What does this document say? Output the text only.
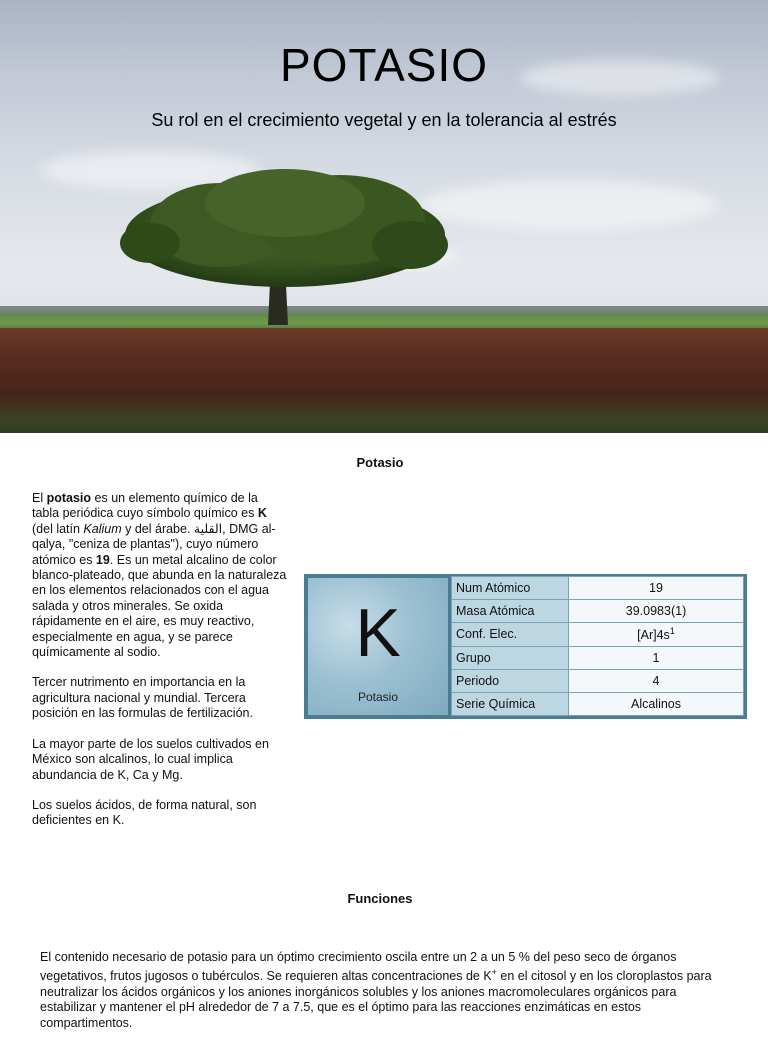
POTASIO
Su rol en el crecimiento vegetal y en la tolerancia al estrés
Potasio

El potasio es un elemento químico de la tabla periódica cuyo símbolo químico es K (del latín Kalium y del árabe. القلية, DMG al-qalya, "ceniza de plantas"), cuyo número atómico es 19. Es un metal alcalino de color blanco-plateado, que abunda en la naturaleza en los elementos relacionados con el agua salada y otros minerales. Se oxida rápidamente en el aire, es muy reactivo, especialmente en agua, y se parece químicamente al sodio.

Tercer nutrimento en importancia en la agricultura nacional y mundial. Tercera posición en las formulas de fertilización.

La mayor parte de los suelos cultivados en México son alcalinos, lo cual implica abundancia de K, Ca y Mg.

Los suelos ácidos, de forma natural, son deficientes en K.

K
Potasio
Num Atómico	19
Masa Atómica	39.0983(1)
Conf. Elec.	$[Ar]4s^1$
Grupo	1
Periodo	4
Serie Química	Alcalinos
Funciones

El contenido necesario de potasio para un óptimo crecimiento oscila entre un 2 a un 5 % del peso seco de órganos vegetativos, frutos jugosos o tubérculos. Se requieren altas concentraciones de K+ en el citosol y en los cloroplastos para neutralizar los ácidos orgánicos y los aniones inorgánicos solubles y los aniones macromoleculares orgánicos para estabilizar y mantener el pH alrededor de 7 a 7.5, que es el óptimo para las reacciones enzimáticas en estos compartimentos.
